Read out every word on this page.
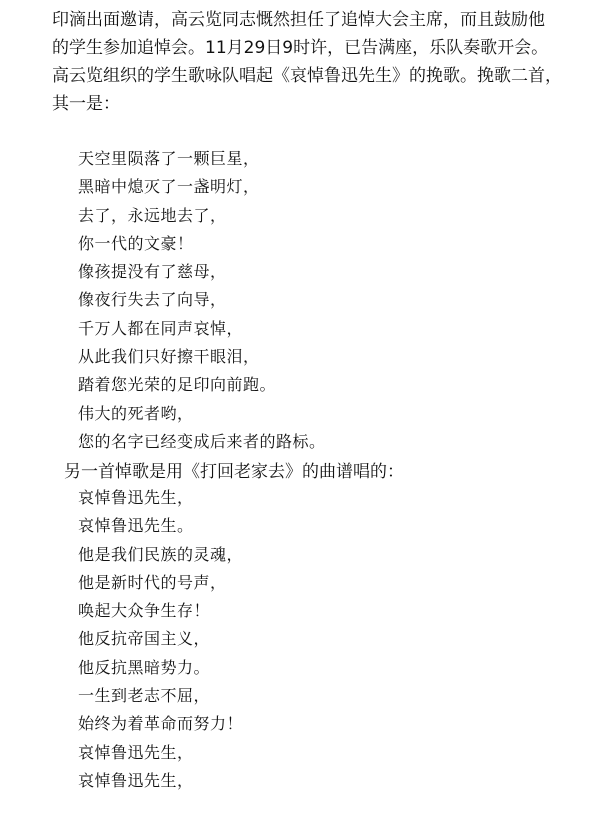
印滴出面邀请，高云览同志慨然担任了追悼大会主席，而且鼓励他
的学生参加追悼会。11月29日9时许，已告满座，乐队奏歌开会。
高云览组织的学生歌咏队唱起《哀悼鲁迅先生》的挽歌。挽歌二首，
其一是：
天空里陨落了一颗巨星，
黑暗中熄灭了一盏明灯，
去了，永远地去了，
你一代的文豪！
像孩提没有了慈母，
像夜行失去了向导，
千万人都在同声哀悼，
从此我们只好擦干眼泪，
踏着您光荣的足印向前跑。
伟大的死者哟，
您的名字已经变成后来者的路标。
另一首悼歌是用《打回老家去》的曲谱唱的：
哀悼鲁迅先生，
哀悼鲁迅先生。
他是我们民族的灵魂，
他是新时代的号声，
唤起大众争生存！
他反抗帝国主义，
他反抗黑暗势力。
一生到老志不屈，
始终为着革命而努力！
哀悼鲁迅先生，
哀悼鲁迅先生，
